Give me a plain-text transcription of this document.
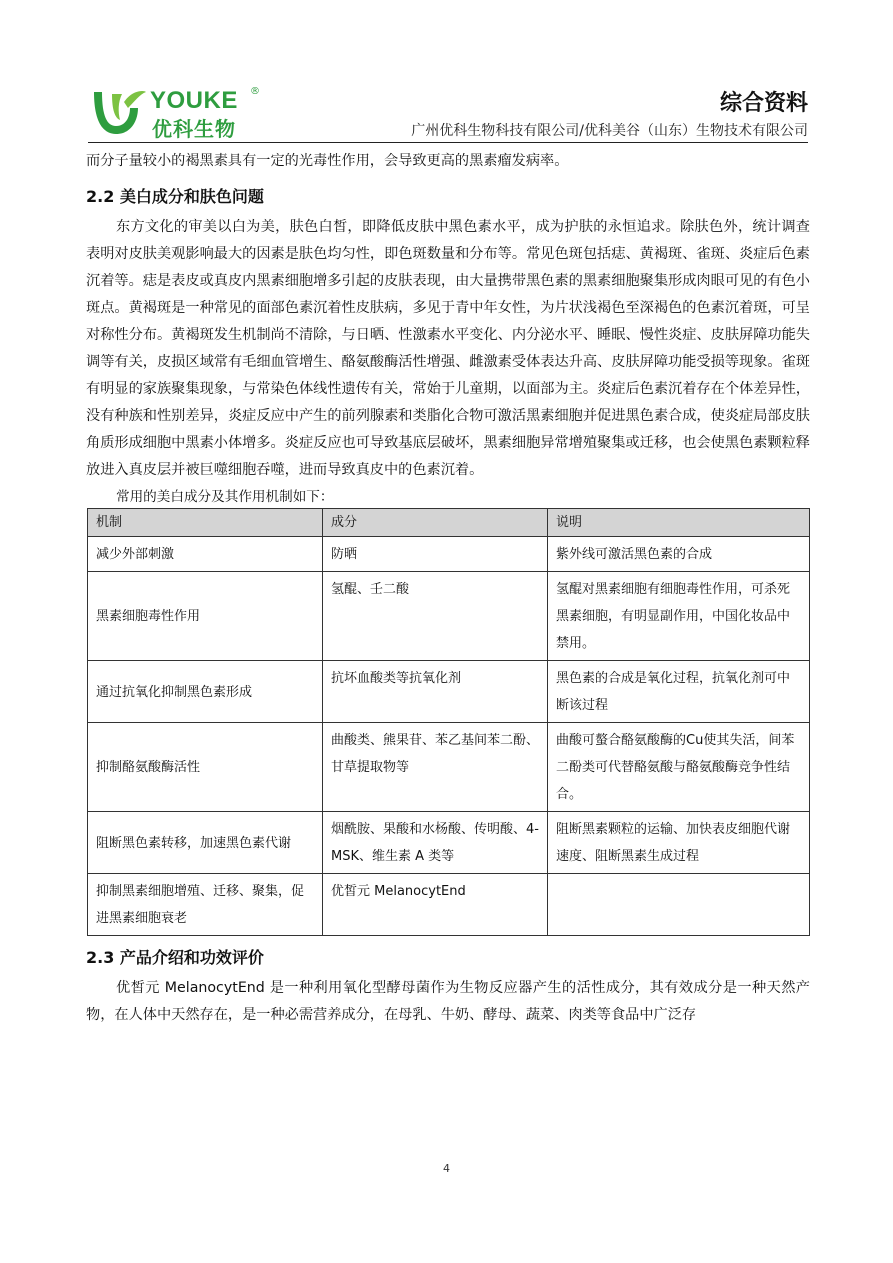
YOUKE ®
优科生物
综合资料
广州优科生物科技有限公司/优科美谷（山东）生物技术有限公司

而分子量较小的褐黑素具有一定的光毒性作用，会导致更高的黑素瘤发病率。

2.2 美白成分和肤色问题

东方文化的审美以白为美，肤色白皙，即降低皮肤中黑色素水平，成为护肤的永恒追求。除肤色外，统计调查表明对皮肤美观影响最大的因素是肤色均匀性，即色斑数量和分布等。常见色斑包括痣、黄褐斑、雀斑、炎症后色素沉着等。痣是表皮或真皮内黑素细胞增多引起的皮肤表现，由大量携带黑色素的黑素细胞聚集形成肉眼可见的有色小斑点。黄褐斑是一种常见的面部色素沉着性皮肤病，多见于青中年女性，为片状浅褐色至深褐色的色素沉着斑，可呈对称性分布。黄褐斑发生机制尚不清除，与日晒、性激素水平变化、内分泌水平、睡眠、慢性炎症、皮肤屏障功能失调等有关，皮损区域常有毛细血管增生、酪氨酸酶活性增强、雌激素受体表达升高、皮肤屏障功能受损等现象。雀斑有明显的家族聚集现象，与常染色体线性遗传有关，常始于儿童期，以面部为主。炎症后色素沉着存在个体差异性，没有种族和性别差异，炎症反应中产生的前列腺素和类脂化合物可激活黑素细胞并促进黑色素合成，使炎症局部皮肤角质形成细胞中黑素小体增多。炎症反应也可导致基底层破坏，黑素细胞异常增殖聚集或迁移，也会使黑色素颗粒释放进入真皮层并被巨噬细胞吞噬，进而导致真皮中的色素沉着。

常用的美白成分及其作用机制如下：
机制	成分	说明
减少外部刺激	防晒	紫外线可激活黑色素的合成
黑素细胞毒性作用	氢醌、壬二酸	氢醌对黑素细胞有细胞毒性作用，可杀死黑素细胞，有明显副作用，中国化妆品中禁用。
通过抗氧化抑制黑色素形成	抗坏血酸类等抗氧化剂	黑色素的合成是氧化过程，抗氧化剂可中断该过程
抑制酪氨酸酶活性	曲酸类、熊果苷、苯乙基间苯二酚、甘草提取物等	曲酸可螯合酪氨酸酶的Cu使其失活，间苯二酚类可代替酪氨酸与酪氨酸酶竞争性结合。
阻断黑色素转移，加速黑色素代谢	烟酰胺、果酸和水杨酸、传明酸、4-MSK、维生素 A 类等	阻断黑素颗粒的运输、加快表皮细胞代谢速度、阻断黑素生成过程
抑制黑素细胞增殖、迁移、聚集，促进黑素细胞衰老	优皙元 MelanocytEnd	
2.3 产品介绍和功效评价

优皙元 MelanocytEnd 是一种利用氧化型酵母菌作为生物反应器产生的活性成分，其有效成分是一种天然产物，在人体中天然存在，是一种必需营养成分，在母乳、牛奶、酵母、蔬菜、肉类等食品中广泛存

4
